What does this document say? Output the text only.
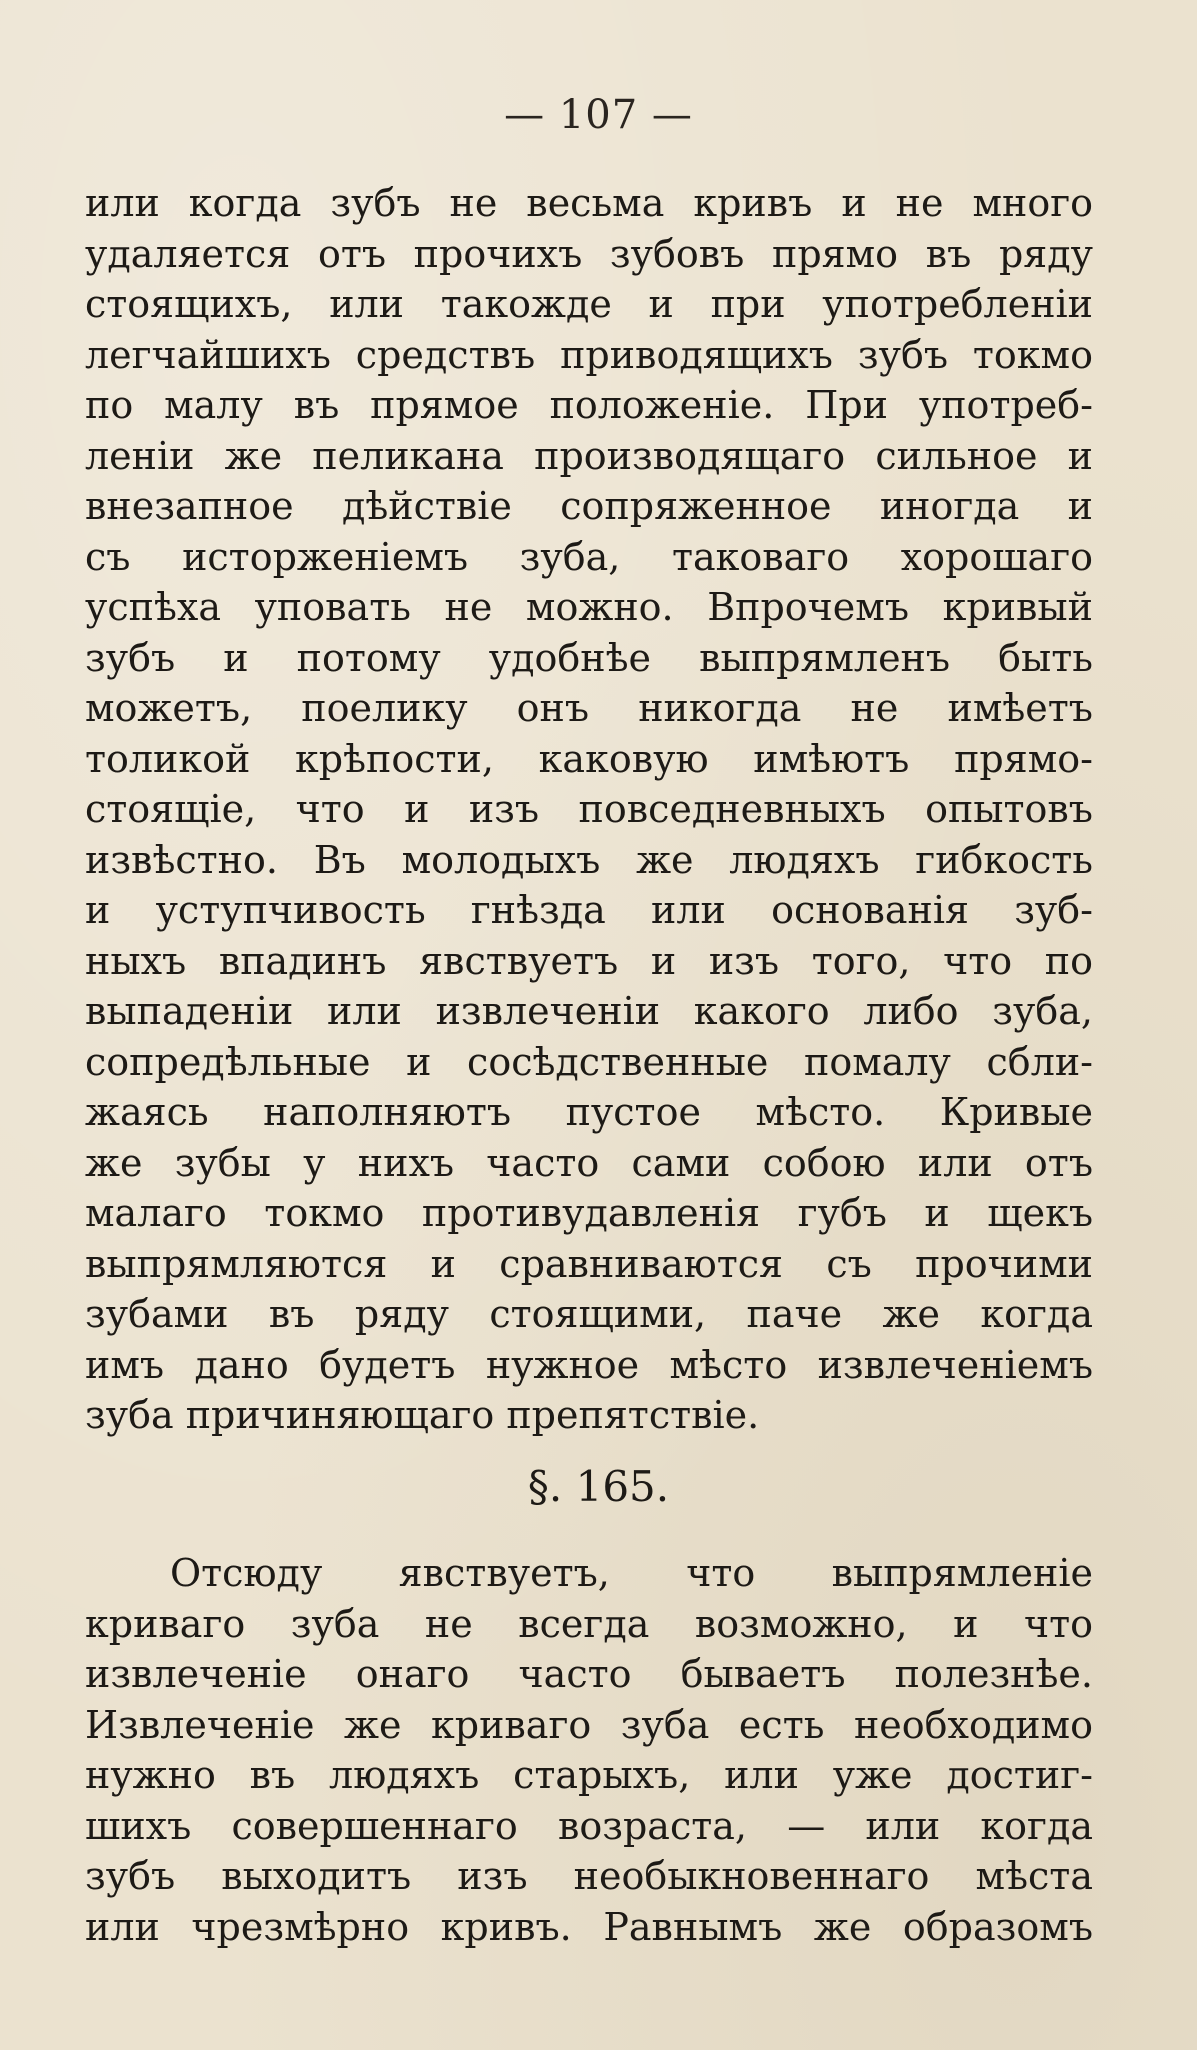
— 107 —
или когда зубъ не весьма кривъ и не много
удаляется отъ прочихъ зубовъ прямо въ ряду
стоящихъ, или такожде и при употребленіи
легчайшихъ средствъ приводящихъ зубъ токмо
по малу въ прямое положеніе. При употреб-
леніи же пеликана производящаго сильное и
внезапное дѣйствіе сопряженное иногда и
съ исторженіемъ зуба, таковаго хорошаго
успѣха уповать не можно. Впрочемъ кривый
зубъ и потому удобнѣе выпрямленъ быть
можетъ, поелику онъ никогда не имѣетъ
толикой крѣпости, каковую имѣютъ прямо-
стоящіе, что и изъ повседневныхъ опытовъ
извѣстно. Въ молодыхъ же людяхъ гибкость
и уступчивость гнѣзда или основанія зуб-
ныхъ впадинъ явствуетъ и изъ того, что по
выпаденіи или извлеченіи какого либо зуба,
сопредѣльные и сосѣдственные помалу сбли-
жаясь наполняютъ пустое мѣсто. Кривые
же зубы у нихъ часто сами собою или отъ
малаго токмо противудавленія губъ и щекъ
выпрямляются и сравниваются съ прочими
зубами въ ряду стоящими, паче же когда
имъ дано будетъ нужное мѣсто извлеченіемъ
зуба причиняющаго препятствіе.
§. 165.
Отсюду явствуетъ, что выпрямленіе
криваго зуба не всегда возможно, и что
извлеченіе онаго часто бываетъ полезнѣе.
Извлеченіе же криваго зуба есть необходимо
нужно въ людяхъ старыхъ, или уже достиг-
шихъ совершеннаго возраста, — или когда
зубъ выходитъ изъ необыкновеннаго мѣста
или чрезмѣрно кривъ. Равнымъ же образомъ
